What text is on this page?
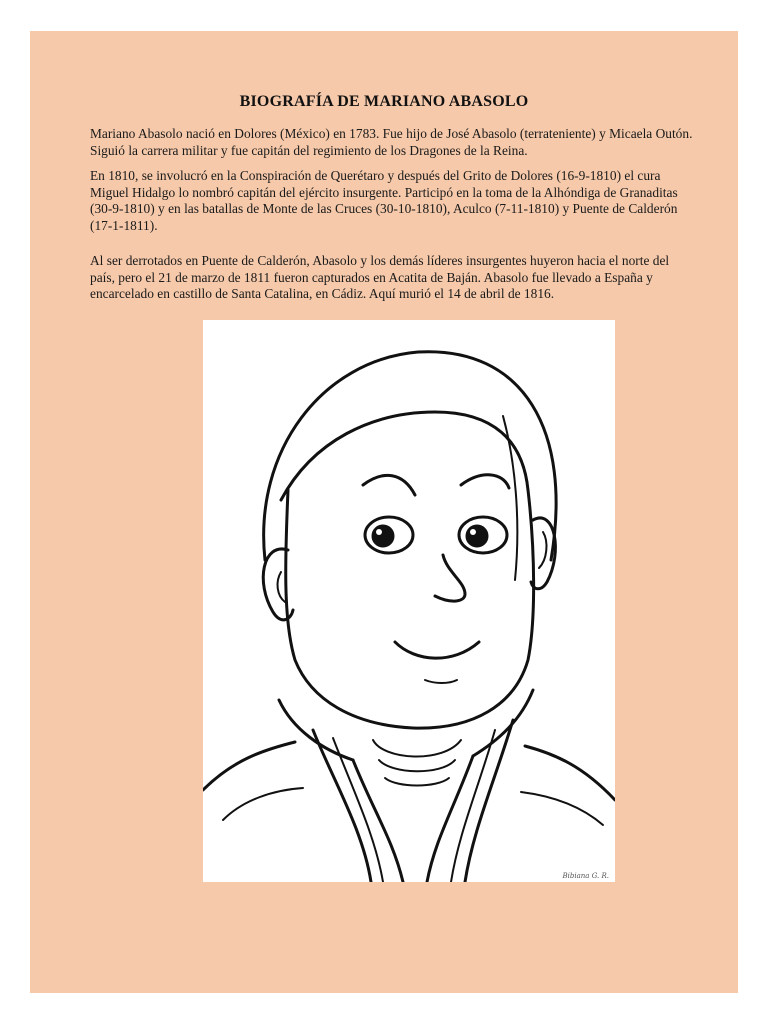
BIOGRAFÍA DE MARIANO ABASOLO

Mariano Abasolo nació en Dolores (México) en 1783. Fue hijo de José Abasolo (terrateniente) y Micaela Outón. Siguió la carrera militar y fue capitán del regimiento de los Dragones de la Reina.

En 1810, se involucró en la Conspiración de Querétaro y después del Grito de Dolores (16-9-1810) el cura Miguel Hidalgo lo nombró capitán del ejército insurgente. Participó en la toma de la Alhóndiga de Granaditas (30-9-1810) y en las batallas de Monte de las Cruces (30-10-1810), Aculco (7-11-1810) y Puente de Calderón (17-1-1811).

Al ser derrotados en Puente de Calderón, Abasolo y los demás líderes insurgentes huyeron hacia el norte del país, pero el 21 de marzo de 1811 fueron capturados en Acatita de Baján. Abasolo fue llevado a España y encarcelado en castillo de Santa Catalina, en Cádiz. Aquí murió el 14 de abril de 1816.

Bibiana G. R.
